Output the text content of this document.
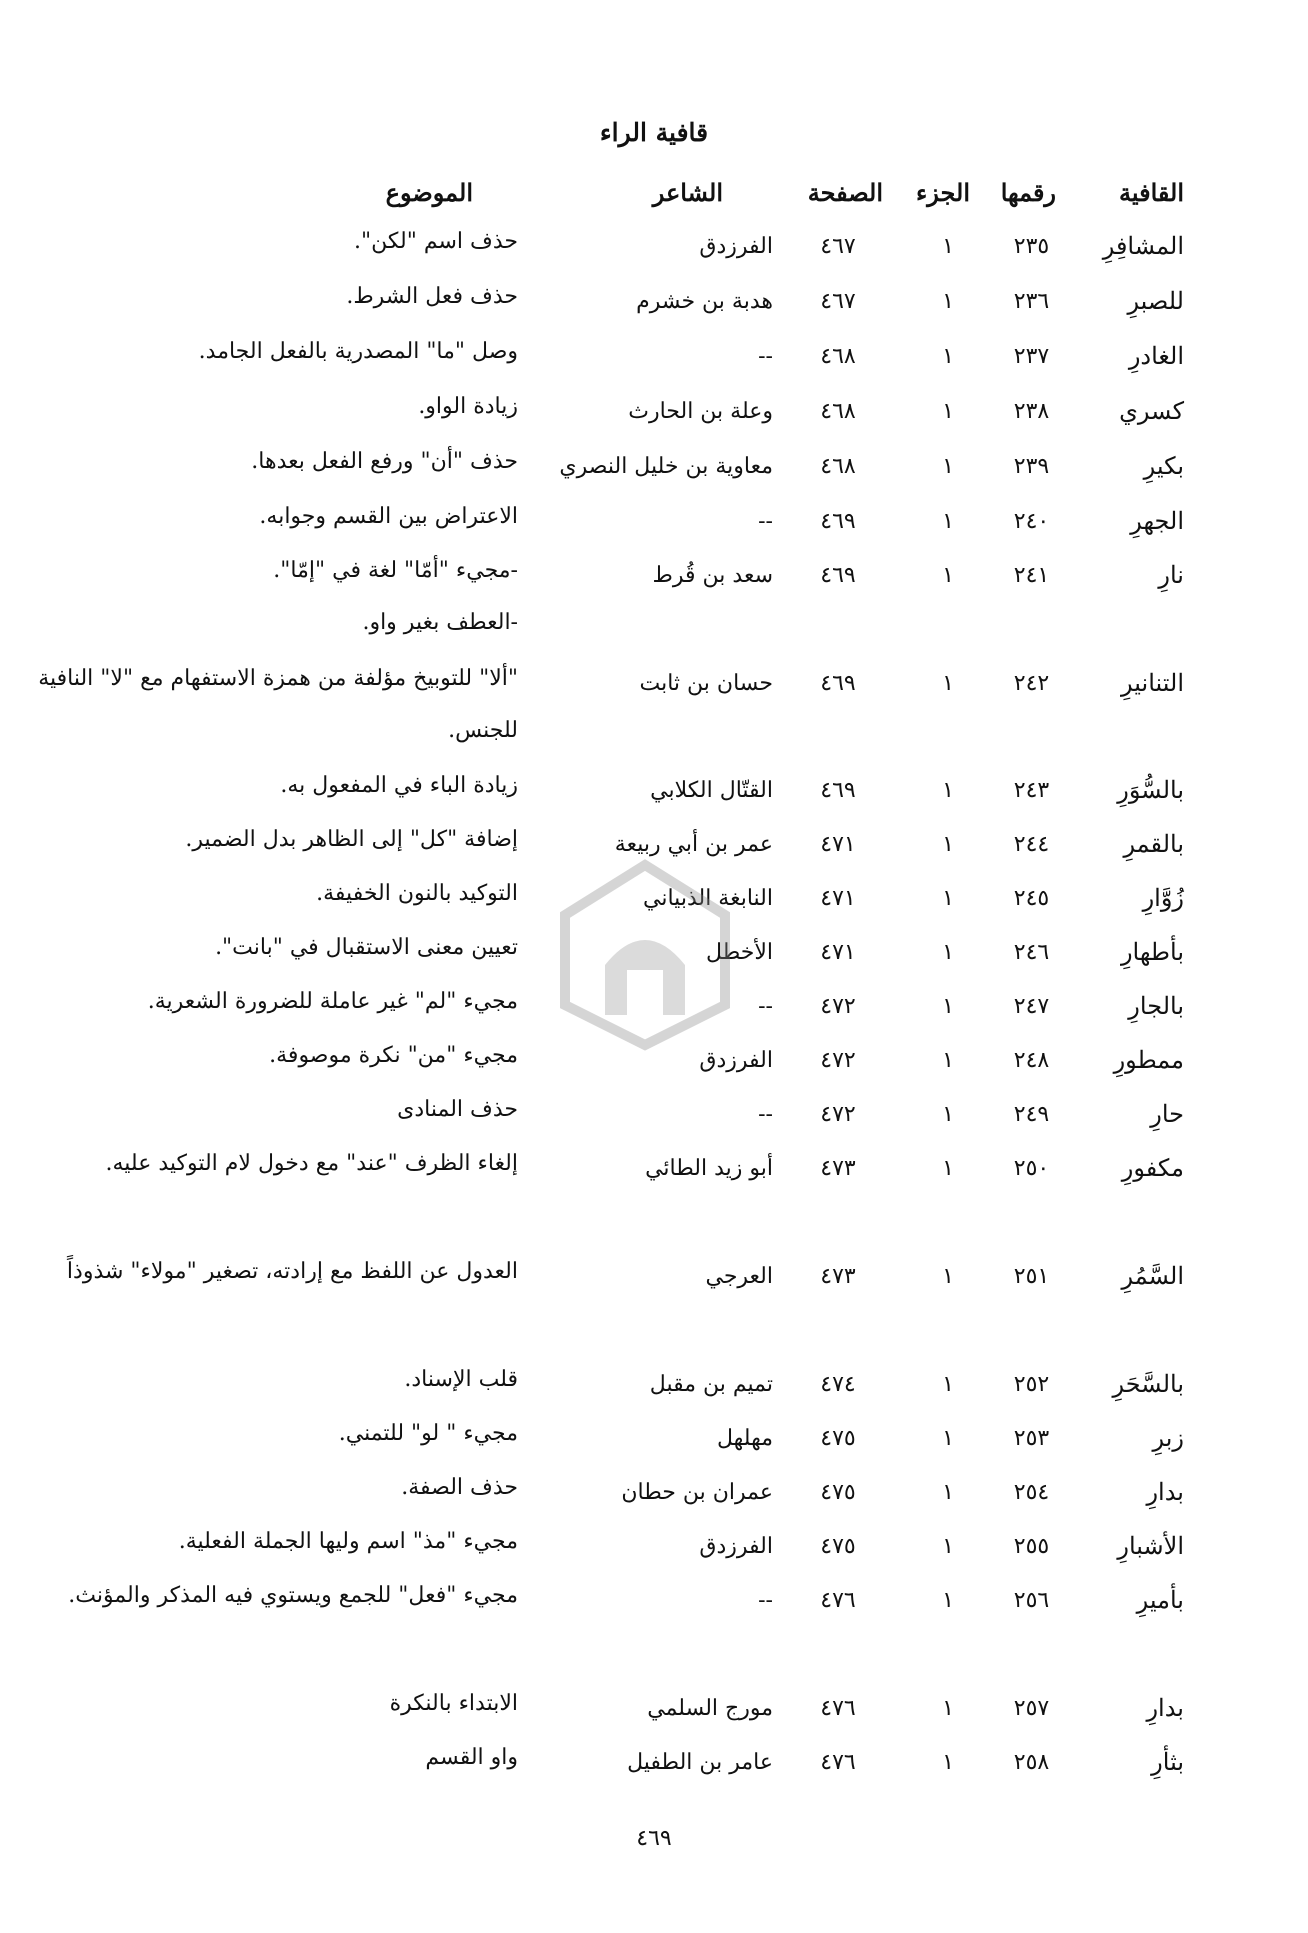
قافية الراء
القافية
رقمها
الجزء
الصفحة
الشاعر
الموضوع
المشافِرِ
٢٣٥
١
٤٦٧
الفرزدق
حذف اسم "لكن".
للصبرِ
٢٣٦
١
٤٦٧
هدبة بن خشرم
حذف فعل الشرط.
الغادرِ
٢٣٧
١
٤٦٨
--
وصل "ما" المصدرية بالفعل الجامد.
كسري
٢٣٨
١
٤٦٨
وعلة بن الحارث
زيادة الواو.
بكيرِ
٢٣٩
١
٤٦٨
معاوية بن خليل النصري
حذف "أن" ورفع الفعل بعدها.
الجهرِ
٢٤٠
١
٤٦٩
--
الاعتراض بين القسم وجوابه.
نارِ
٢٤١
١
٤٦٩
سعد بن قُرط
-مجيء "أمّا" لغة في "إمّا".
-العطف بغير واو.
التنانيرِ
٢٤٢
١
٤٦٩
حسان بن ثابت
"ألا" للتوبيخ مؤلفة من همزة الاستفهام مع "لا" النافية للجنس.
بالسُّوَرِ
٢٤٣
١
٤٦٩
القتّال الكلابي
زيادة الباء في المفعول به.
بالقمرِ
٢٤٤
١
٤٧١
عمر بن أبي ربيعة
إضافة "كل" إلى الظاهر بدل الضمير.
زُوَّارِ
٢٤٥
١
٤٧١
النابغة الذبياني
التوكيد بالنون الخفيفة.
بأطهارِ
٢٤٦
١
٤٧١
الأخطل
تعيين معنى الاستقبال في "بانت".
بالجارِ
٢٤٧
١
٤٧٢
--
مجيء "لم" غير عاملة للضرورة الشعرية.
ممطورِ
٢٤٨
١
٤٧٢
الفرزدق
مجيء "من" نكرة موصوفة.
حارِ
٢٤٩
١
٤٧٢
--
حذف المنادى
مكفورِ
٢٥٠
١
٤٧٣
أبو زيد الطائي
إلغاء الظرف "عند" مع دخول لام التوكيد عليه.
السَّمُرِ
٢٥١
١
٤٧٣
العرجي
العدول عن اللفظ مع إرادته، تصغير "مولاء" شذوذاً
بالسَّحَرِ
٢٥٢
١
٤٧٤
تميم بن مقبل
قلب الإسناد.
زبرِ
٢٥٣
١
٤٧٥
مهلهل
مجيء " لو" للتمني.
بدارِ
٢٥٤
١
٤٧٥
عمران بن حطان
حذف الصفة.
الأشبارِ
٢٥٥
١
٤٧٥
الفرزدق
مجيء "مذ" اسم وليها الجملة الفعلية.
بأميرِ
٢٥٦
١
٤٧٦
--
مجيء "فعل" للجمع ويستوي فيه المذكر والمؤنث.
بدارِ
٢٥٧
١
٤٧٦
مورج السلمي
الابتداء بالنكرة
بثأرِ
٢٥٨
١
٤٧٦
عامر بن الطفيل
واو القسم
٤٦٩
